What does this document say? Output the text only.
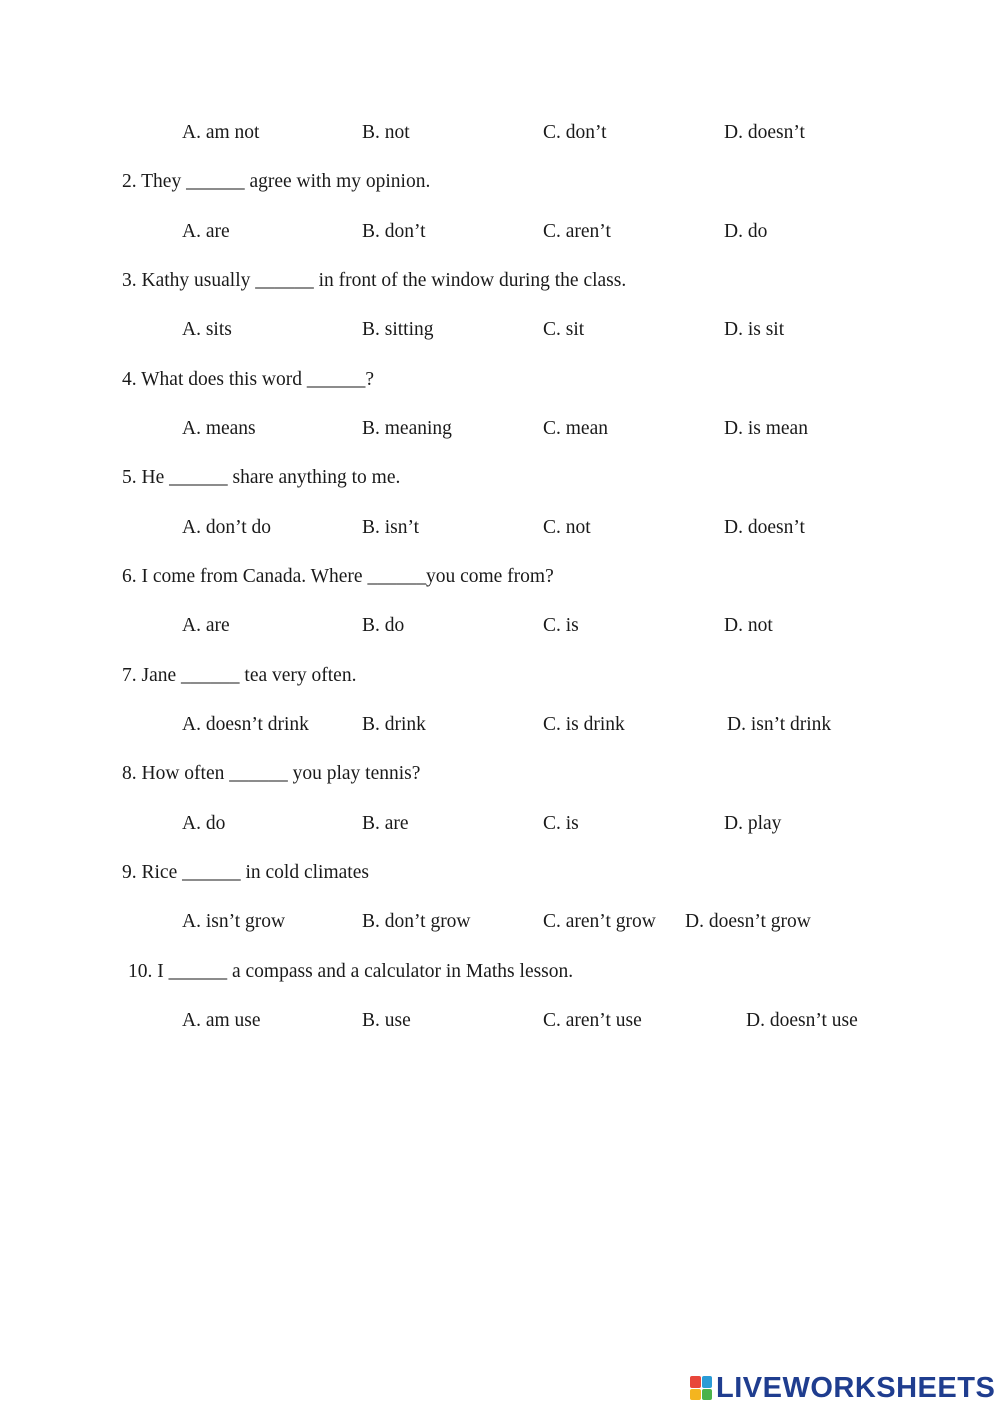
A. am not	B. not	C. don’t	D. doesn’t
2. They ______ agree with my opinion.
A. are	B. don’t	C. aren’t	D. do
3. Kathy usually ______ in front of the window during the class.
A. sits	B. sitting	C. sit	D. is sit
4. What does this word ______?
A. means	B. meaning	C. mean	D. is mean
5. He ______ share anything to me.
A. don’t do	B. isn’t	C. not	D. doesn’t
6. I come from Canada. Where ______you come from?
A. are	B. do	C. is	D. not
7. Jane ______ tea very often.
A. doesn’t drink	B. drink	C. is drink	D. isn’t drink
8. How often ______ you play tennis?
A. do	B. are	C. is	D. play
9. Rice ______ in cold climates
A. isn’t grow	B. don’t grow	C. aren’t grow D. doesn’t grow
10. I ______ a compass and a calculator in Maths lesson.
A. am use	B. use	C. aren’t use	D. doesn’t use
LIVEWORKSHEETS
